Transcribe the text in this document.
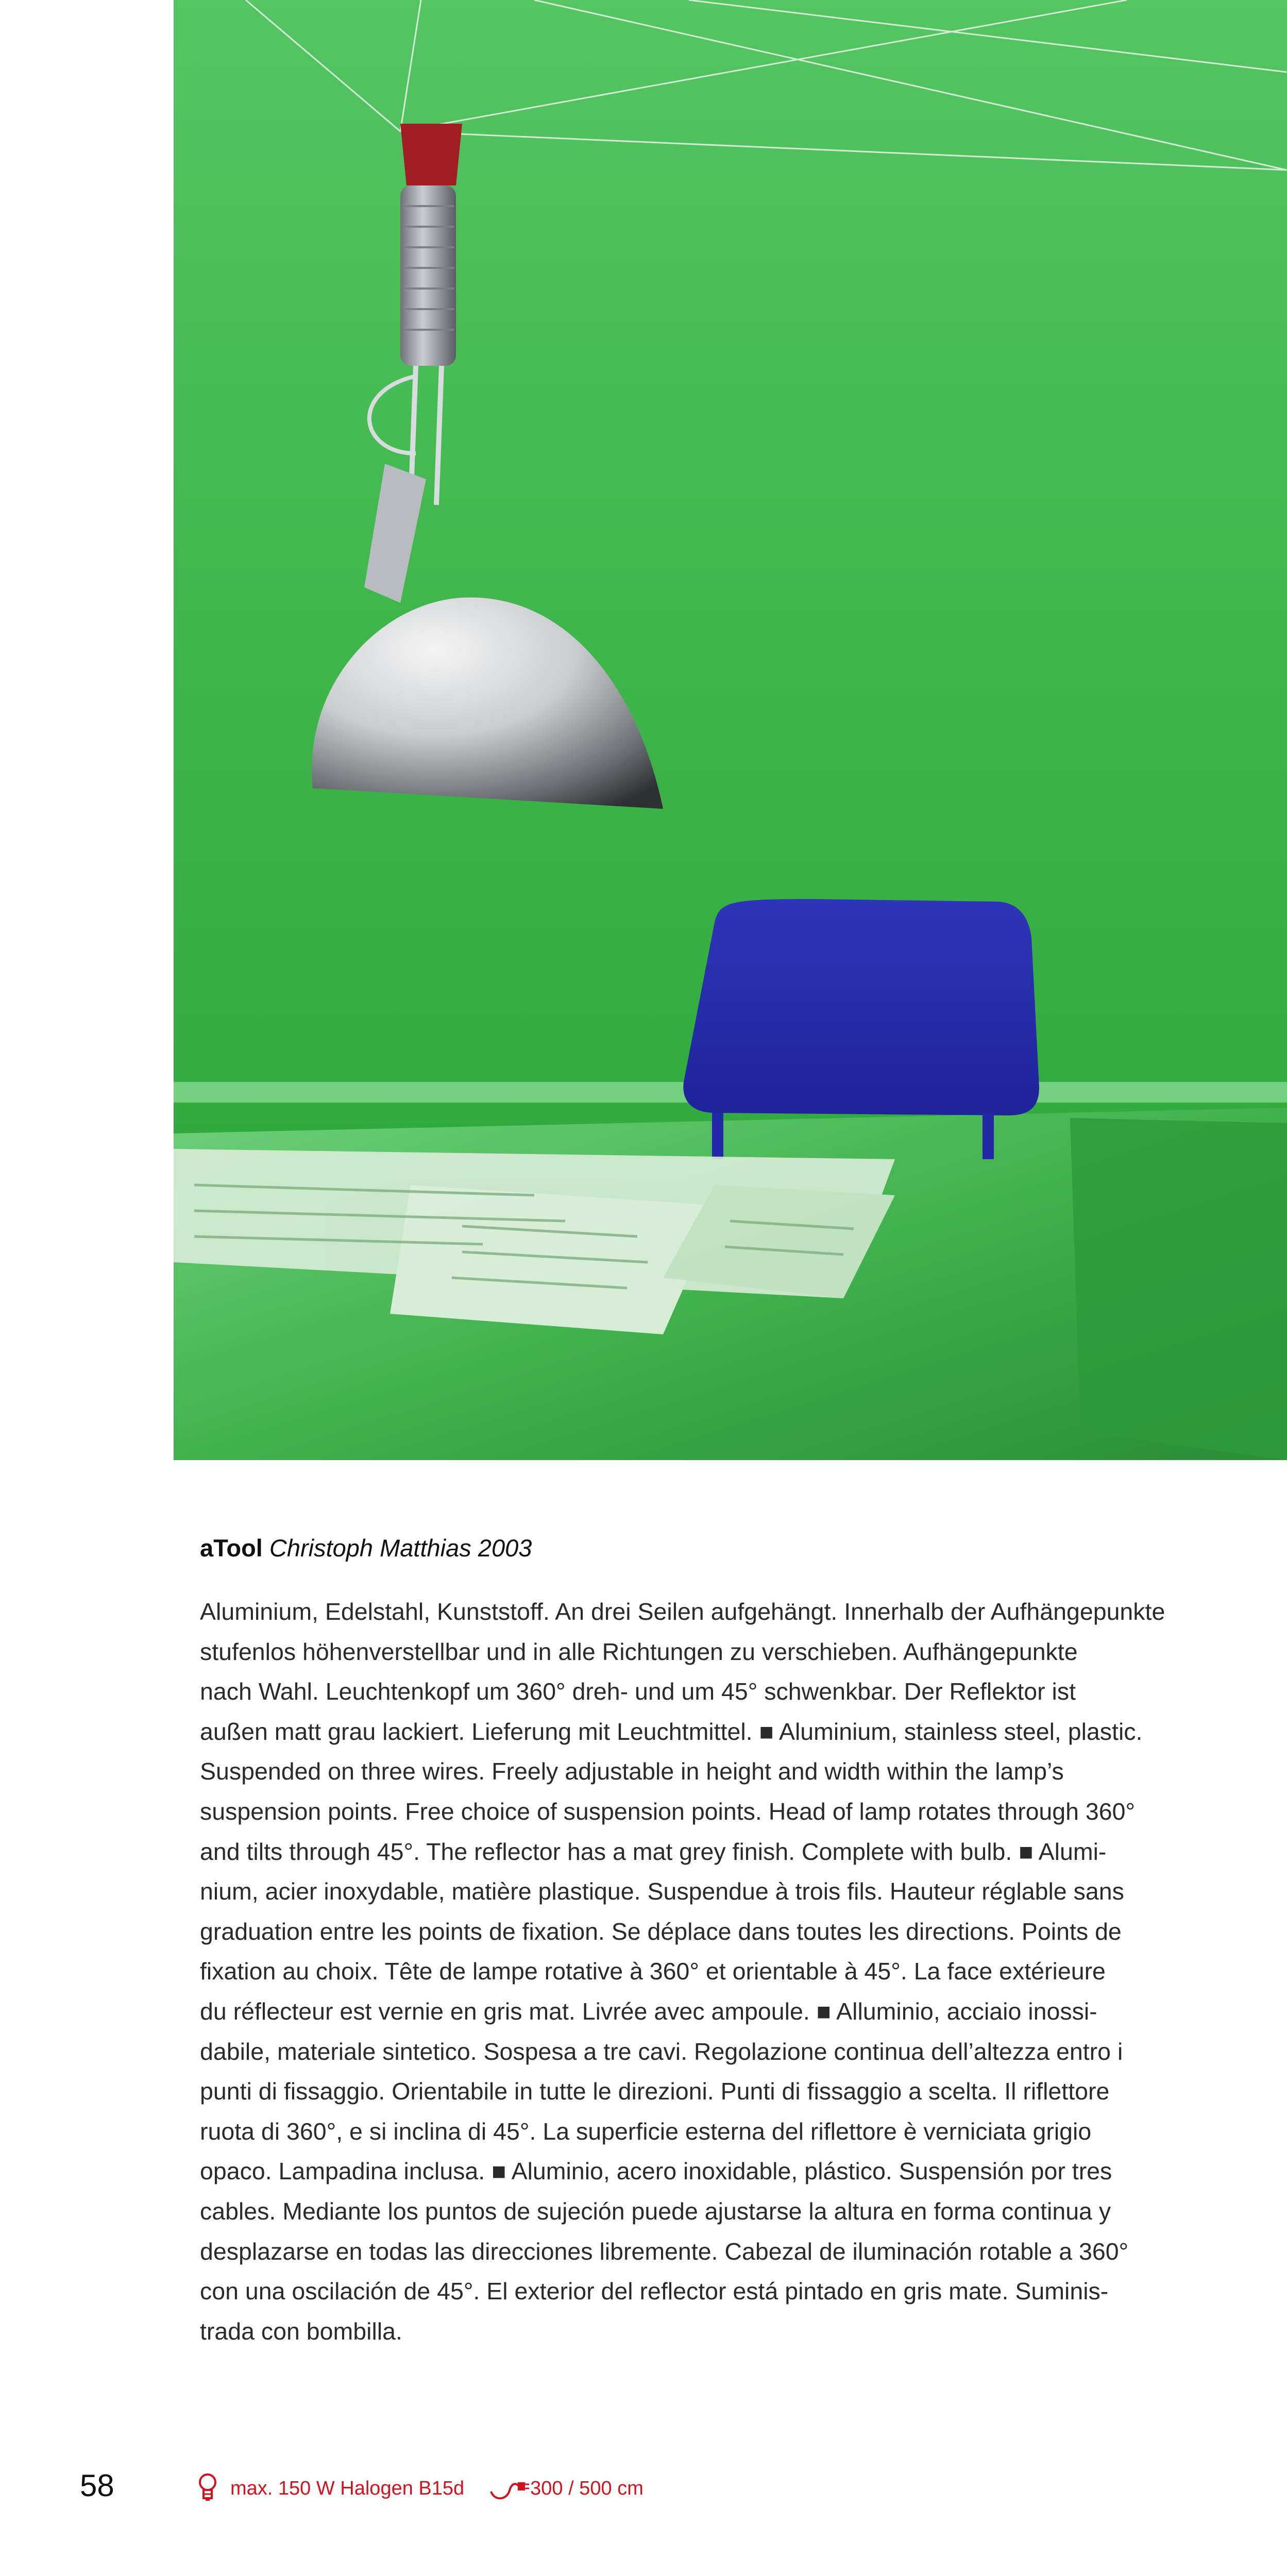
aTool Christoph Matthias 2003
Aluminium, Edelstahl, Kunststoff. An drei Seilen aufgehängt. Innerhalb der Aufhängepunkte
stufenlos höhenverstellbar und in alle Richtungen zu verschieben. Aufhängepunkte
nach Wahl. Leuchtenkopf um 360° dreh- und um 45° schwenkbar. Der Reflektor ist
außen matt grau lackiert. Lieferung mit Leuchtmittel. ■ Aluminium, stainless steel, plastic.
Suspended on three wires. Freely adjustable in height and width within the lamp’s
suspension points. Free choice of suspension points. Head of lamp rotates through 360°
and tilts through 45°. The reflector has a mat grey finish. Complete with bulb. ■ Alumi-
nium, acier inoxydable, matière plastique. Suspendue à trois fils. Hauteur réglable sans
graduation entre les points de fixation. Se déplace dans toutes les directions. Points de
fixation au choix. Tête de lampe rotative à 360° et orientable à 45°. La face extérieure
du réflecteur est vernie en gris mat. Livrée avec ampoule. ■ Alluminio, acciaio inossi-
dabile, materiale sintetico. Sospesa a tre cavi. Regolazione continua dell’altezza entro i
punti di fissaggio. Orientabile in tutte le direzioni. Punti di fissaggio a scelta. Il riflettore
ruota di 360°, e si inclina di 45°. La superficie esterna del riflettore è verniciata grigio
opaco. Lampadina inclusa. ■ Aluminio, acero inoxidable, plástico. Suspensión por tres
cables. Mediante los puntos de sujeción puede ajustarse la altura en forma continua y
desplazarse en todas las direcciones libremente. Cabezal de iluminación rotable a 360°
con una oscilación de 45°. El exterior del reflector está pintado en gris mate. Suminis-
trada con bombilla.
58	max. 150 W Halogen B15d	300 / 500 cm
